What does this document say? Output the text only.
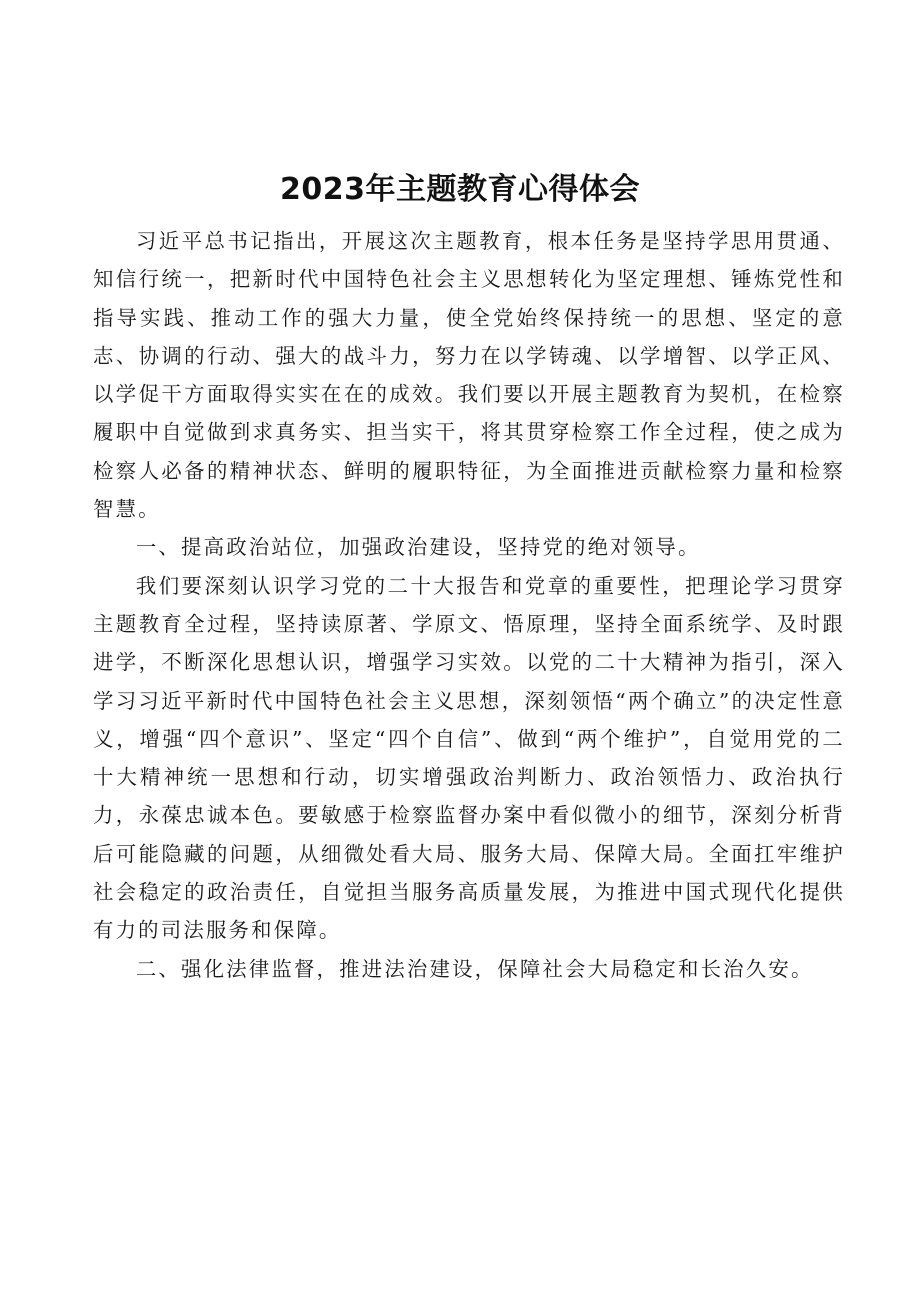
2023年主题教育心得体会

习近平总书记指出，开展这次主题教育，根本任务是坚持学思用贯通、知信行统一，把新时代中国特色社会主义思想转化为坚定理想、锤炼党性和指导实践、推动工作的强大力量，使全党始终保持统一的思想、坚定的意志、协调的行动、强大的战斗力，努力在以学铸魂、以学增智、以学正风、以学促干方面取得实实在在的成效。我们要以开展主题教育为契机，在检察履职中自觉做到求真务实、担当实干，将其贯穿检察工作全过程，使之成为检察人必备的精神状态、鲜明的履职特征，为全面推进贡献检察力量和检察智慧。

一、提高政治站位，加强政治建设，坚持党的绝对领导。

我们要深刻认识学习党的二十大报告和党章的重要性，把理论学习贯穿主题教育全过程，坚持读原著、学原文、悟原理，坚持全面系统学、及时跟进学，不断深化思想认识，增强学习实效。以党的二十大精神为指引，深入学习习近平新时代中国特色社会主义思想，深刻领悟“两个确立”的决定性意义，增强“四个意识”、坚定“四个自信”、做到“两个维护”，自觉用党的二十大精神统一思想和行动，切实增强政治判断力、政治领悟力、政治执行力，永葆忠诚本色。要敏感于检察监督办案中看似微小的细节，深刻分析背后可能隐藏的问题，从细微处看大局、服务大局、保障大局。全面扛牢维护社会稳定的政治责任，自觉担当服务高质量发展，为推进中国式现代化提供有力的司法服务和保障。

二、强化法律监督，推进法治建设，保障社会大局稳定和长治久安。
